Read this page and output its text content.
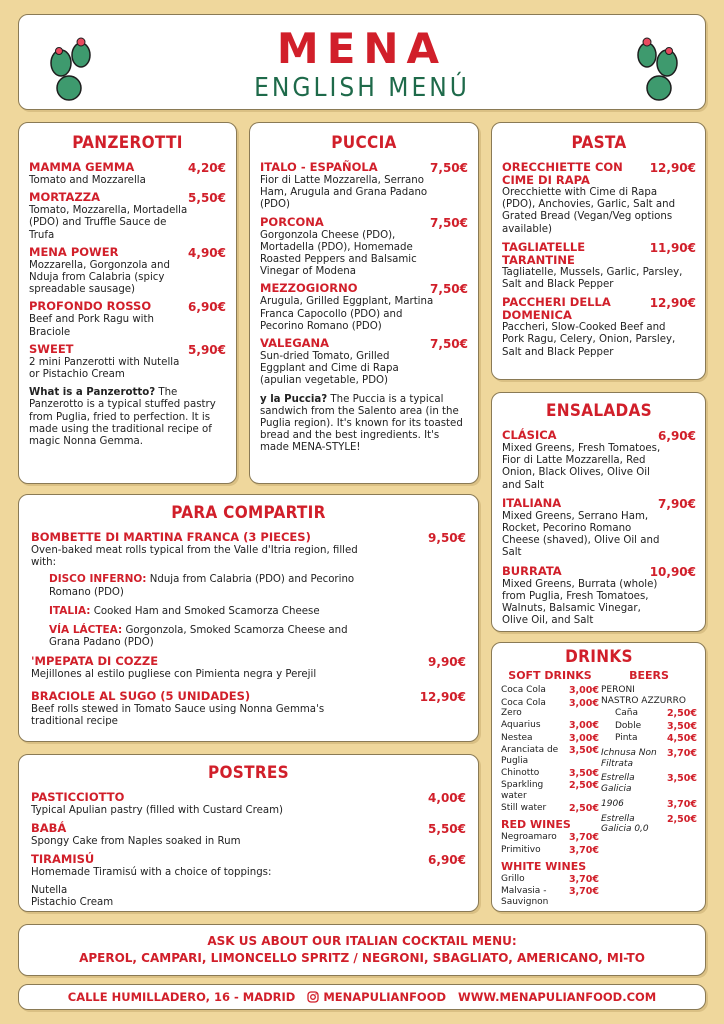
MENA
ENGLISH MENÚ
PANZEROTTI
MAMMA GEMMA	4,20€
Tomato and Mozzarella
MORTAZZA	5,50€
Tomato, Mozzarella, Mortadella (PDO) and Truffle Sauce de Trufa
MENA POWER	4,90€
Mozzarella, Gorgonzola and Nduja from Calabria (spicy spreadable sausage)
PROFONDO ROSSO	6,90€
Beef and Pork Ragu with Braciole
SWEET	5,90€
2 mini Panzerotti with Nutella or Pistachio Cream
What is a Panzerotto? The Panzerotto is a typical stuffed pastry from Puglia, fried to perfection. It is made using the traditional recipe of magic Nonna Gemma.
PUCCIA
ITALO - ESPAÑOLA	7,50€
Fior di Latte Mozzarella, Serrano Ham, Arugula and Grana Padano (PDO)
PORCONA	7,50€
Gorgonzola Cheese (PDO), Mortadella (PDO), Homemade Roasted Peppers and Balsamic Vinegar of Modena
MEZZOGIORNO	7,50€
Arugula, Grilled Eggplant, Martina Franca Capocollo (PDO) and Pecorino Romano (PDO)
VALEGANA	7,50€
Sun-dried Tomato, Grilled Eggplant and Cime di Rapa (apulian vegetable, PDO)
y la Puccia? The Puccia is a typical sandwich from the Salento area (in the Puglia region). It's known for its toasted bread and the best ingredients. It's made MENA-STYLE!
PASTA
ORECCHIETTE CON CIME DI RAPA
12,90€
Orecchiette with Cime di Rapa (PDO), Anchovies, Garlic, Salt and Grated Bread (Vegan/Veg options available)
TAGLIATELLE TARANTINE
11,90€
Tagliatelle, Mussels, Garlic, Parsley, Salt and Black Pepper
PACCHERI DELLA DOMENICA
12,90€
Paccheri, Slow-Cooked Beef and Pork Ragu, Celery, Onion, Parsley, Salt and Black Pepper
ENSALADAS
CLÁSICA	6,90€
Mixed Greens, Fresh Tomatoes, Fior di Latte Mozzarella, Red Onion, Black Olives, Olive Oil and Salt
ITALIANA	7,90€
Mixed Greens, Serrano Ham, Rocket, Pecorino Romano Cheese (shaved), Olive Oil and Salt
BURRATA	10,90€
Mixed Greens, Burrata (whole) from Puglia, Fresh Tomatoes, Walnuts, Balsamic Vinegar, Olive Oil, and Salt
PARA COMPARTIR
BOMBETTE DI MARTINA FRANCA (3 PIECES)	9,50€
Oven-baked meat rolls typical from the Valle d'Itria region, filled with:
DISCO INFERNO: Nduja from Calabria (PDO) and Pecorino Romano (PDO)
ITALIA: Cooked Ham and Smoked Scamorza Cheese
VÍA LÁCTEA: Gorgonzola, Smoked Scamorza Cheese and Grana Padano (PDO)
'MPEPATA DI COZZE	9,90€
Mejillones al estilo pugliese con Pimienta negra y Perejil
BRACIOLE AL SUGO (5 UNIDADES)	12,90€
Beef rolls stewed in Tomato Sauce using Nonna Gemma's traditional recipe
POSTRES
PASTICCIOTTO	4,00€
Typical Apulian pastry (filled with Custard Cream)
BABÁ	5,50€
Spongy Cake from Naples soaked in Rum
TIRAMISÚ	6,90€
Homemade Tiramisú with a choice of toppings:
Nutella
Pistachio Cream
DRINKS
SOFT DRINKS
Coca Cola 3,00€
Coca Cola Zero
3,00€
Aquarius	3,00€
Nestea	3,00€
Aranciata de Puglia
3,50€
Chinotto	3,50€
Sparkling water
2,50€
Still water 2,50€
RED WINES
Negroamaro 3,70€
Primitivo	3,70€
WHITE WINES
Grillo	3,70€
Malvasia - Sauvignon
3,70€
BEERS
PERONI
NASTRO AZZURRO
Caña	2,50€
Doble	3,50€
Pinta	4,50€
Ichnusa Non Filtrata
3,70€
Estrella Galicia
3,50€
1906	3,70€
Estrella Galicia 0,0
2,50€
ASK US ABOUT OUR ITALIAN COCKTAIL MENU:
APEROL, CAMPARI, LIMONCELLO SPRITZ / NEGRONI, SBAGLIATO, AMERICANO, MI-TO
CALLE HUMILLADERO, 16 - MADRID MENAPULIANFOOD WWW.MENAPULIANFOOD.COM
